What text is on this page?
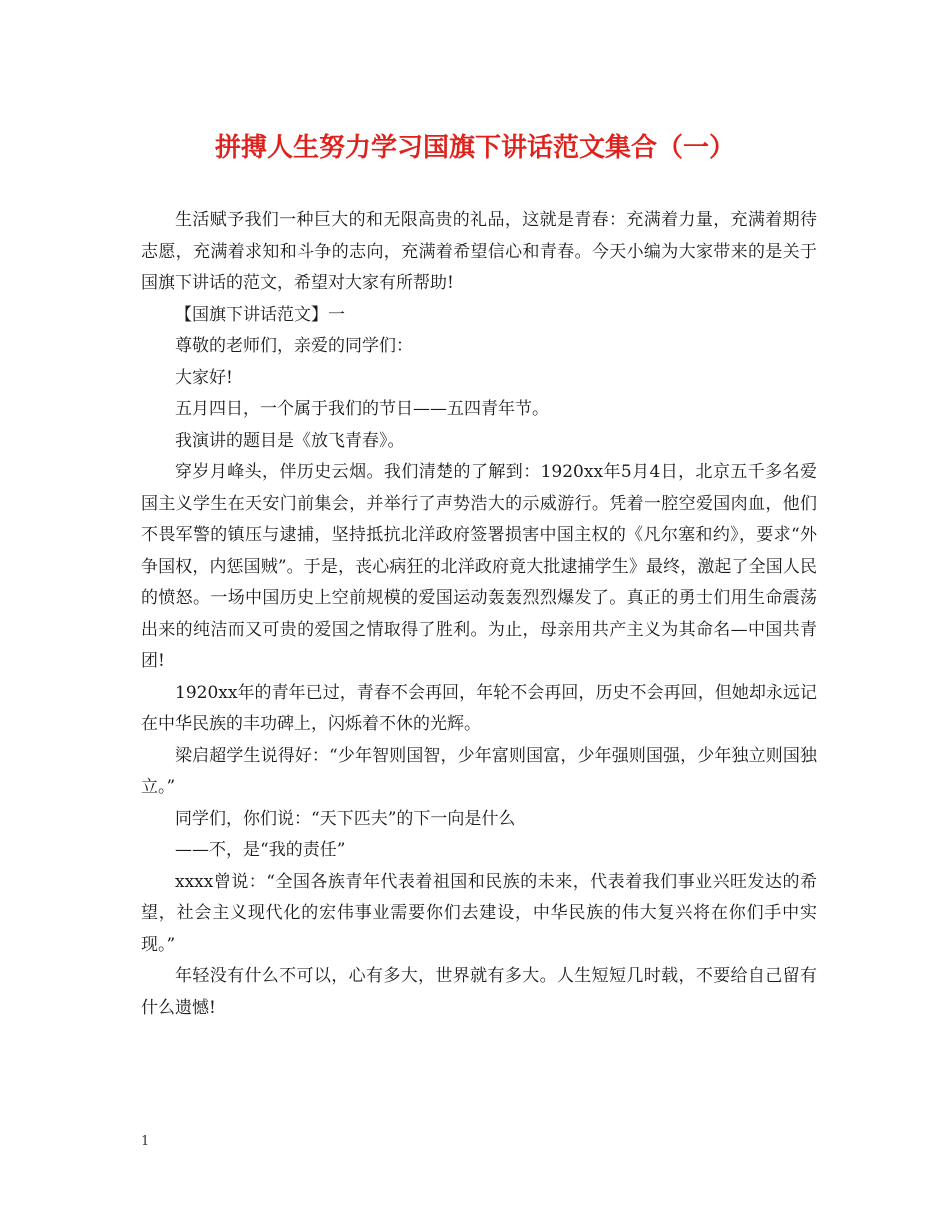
拼搏人生努力学习国旗下讲话范文集合（一）

生活赋予我们一种巨大的和无限高贵的礼品，这就是青春：充满着力量，充满着期待志愿，充满着求知和斗争的志向，充满着希望信心和青春。今天小编为大家带来的是关于国旗下讲话的范文，希望对大家有所帮助!

【国旗下讲话范文】一

尊敬的老师们，亲爱的同学们：

大家好!

五月四日，一个属于我们的节日——五四青年节。

我演讲的题目是《放飞青春》。

穿岁月峰头，伴历史云烟。我们清楚的了解到：1920xx年5月4日，北京五千多名爱国主义学生在天安门前集会，并举行了声势浩大的示威游行。凭着一腔空爱国肉血，他们不畏军警的镇压与逮捕，坚持抵抗北洋政府签署损害中国主权的《凡尔塞和约》，要求“外争国权，内惩国贼”。于是，丧心病狂的北洋政府竟大批逮捕学生》最终，激起了全国人民的愤怒。一场中国历史上空前规模的爱国运动轰轰烈烈爆发了。真正的勇士们用生命震荡出来的纯洁而又可贵的爱国之情取得了胜利。为止，母亲用共产主义为其命名—中国共青团!

1920xx年的青年已过，青春不会再回，年轮不会再回，历史不会再回，但她却永远记在中华民族的丰功碑上，闪烁着不休的光辉。

梁启超学生说得好：“少年智则国智，少年富则国富，少年强则国强，少年独立则国独立。”

同学们，你们说：“天下匹夫”的下一向是什么

——不，是“我的责任”

xxxx曾说：“全国各族青年代表着祖国和民族的未来，代表着我们事业兴旺发达的希望，社会主义现代化的宏伟事业需要你们去建设，中华民族的伟大复兴将在你们手中实现。”

年轻没有什么不可以，心有多大，世界就有多大。人生短短几时载，不要给自己留有什么遗憾!

1
